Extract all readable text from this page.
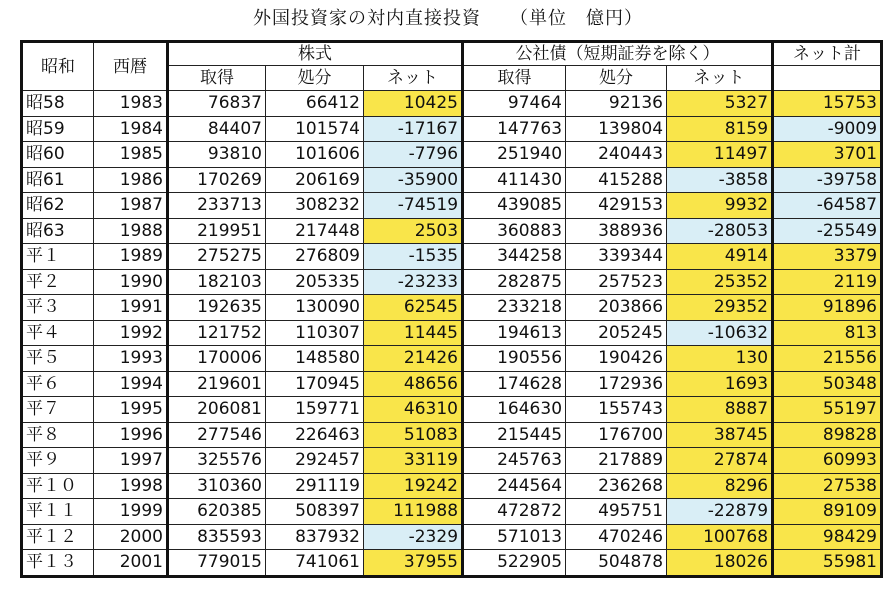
外国投資家の対内直接投資　　（単位　億円）
昭和	西暦	株式			公社債（短期証券を除く）			ネット計
		取得	処分	ネット	取得	処分	ネット	
昭58	1983	76837	66412	10425	97464	92136	5327	15753
昭59	1984	84407	101574	-17167	147763	139804	8159	-9009
昭60	1985	93810	101606	-7796	251940	240443	11497	3701
昭61	1986	170269	206169	-35900	411430	415288	-3858	-39758
昭62	1987	233713	308232	-74519	439085	429153	9932	-64587
昭63	1988	219951	217448	2503	360883	388936	-28053	-25549
平１	1989	275275	276809	-1535	344258	339344	4914	3379
平２	1990	182103	205335	-23233	282875	257523	25352	2119
平３	1991	192635	130090	62545	233218	203866	29352	91896
平４	1992	121752	110307	11445	194613	205245	-10632	813
平５	1993	170006	148580	21426	190556	190426	130	21556
平６	1994	219601	170945	48656	174628	172936	1693	50348
平７	1995	206081	159771	46310	164630	155743	8887	55197
平８	1996	277546	226463	51083	215445	176700	38745	89828
平９	1997	325576	292457	33119	245763	217889	27874	60993
平１０	1998	310360	291119	19242	244564	236268	8296	27538
平１１	1999	620385	508397	111988	472872	495751	-22879	89109
平１２	2000	835593	837932	-2329	571013	470246	100768	98429
平１３	2001	779015	741061	37955	522905	504878	18026	55981
